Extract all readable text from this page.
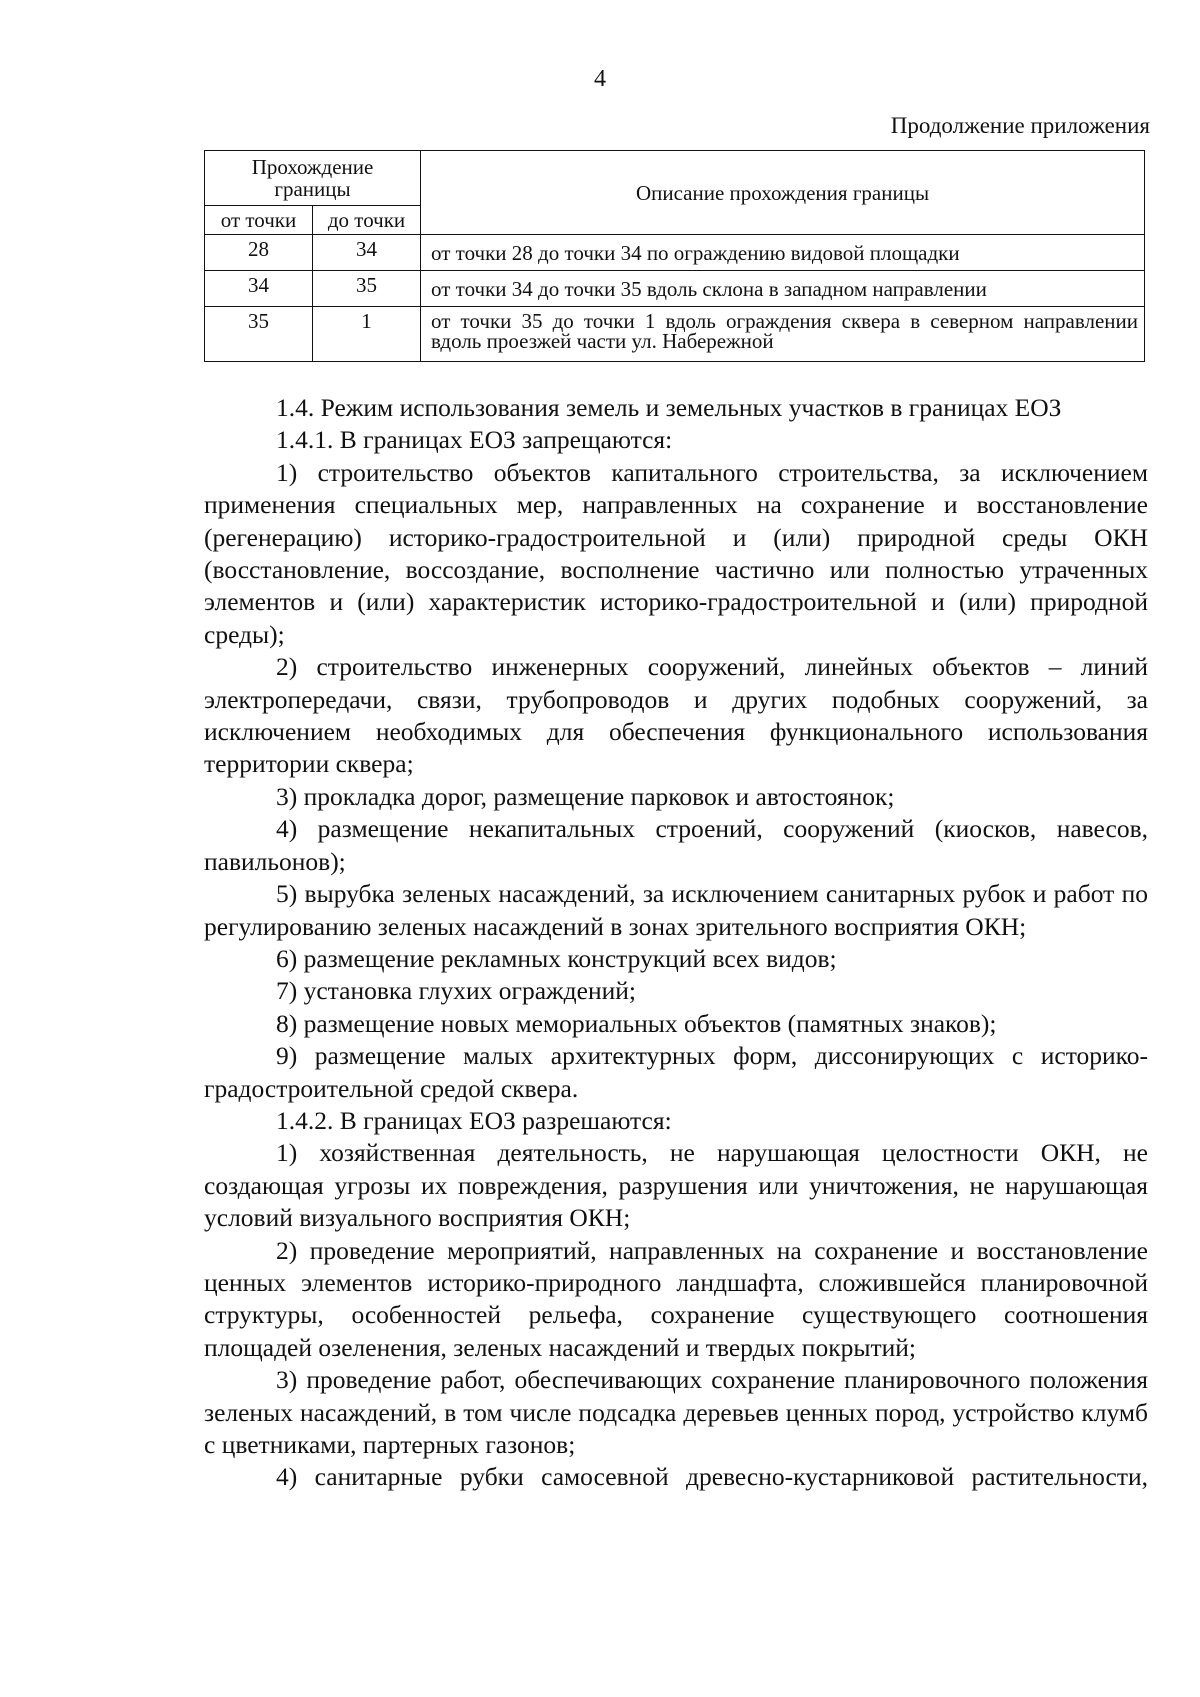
4
Продолжение приложения
Прохождение границы		Описание прохождения границы
от точки	до точки	
28	34	от точки 28 до точки 34 по ограждению видовой площадки
34	35	от точки 34 до точки 35 вдоль склона в западном направлении
35	1	от точки 35 до точки 1 вдоль ограждения сквера в северном направлении вдоль проезжей части ул. Набережной

1.4. Режим использования земель и земельных участков в границах ЕОЗ

1.4.1. В границах ЕОЗ запрещаются:

1) строительство объектов капитального строительства, за исключением применения специальных мер, направленных на сохранение и восстановление (регенерацию) историко-градостроительной и (или) природной среды ОКН (восстановление, воссоздание, восполнение частично или полностью утраченных элементов и (или) характеристик историко-градостроительной и (или) природной среды);

2) строительство инженерных сооружений, линейных объектов – линий электропередачи, связи, трубопроводов и других подобных сооружений, за исключением необходимых для обеспечения функционального использования территории сквера;

3) прокладка дорог, размещение парковок и автостоянок;

4) размещение некапитальных строений, сооружений (киосков, навесов, павильонов);

5) вырубка зеленых насаждений, за исключением санитарных рубок и работ по регулированию зеленых насаждений в зонах зрительного восприятия ОКН;

6) размещение рекламных конструкций всех видов;

7) установка глухих ограждений;

8) размещение новых мемориальных объектов (памятных знаков);

9) размещение малых архитектурных форм, диссонирующих с историко-градостроительной средой сквера.

1.4.2. В границах ЕОЗ разрешаются:

1) хозяйственная деятельность, не нарушающая целостности ОКН, не создающая угрозы их повреждения, разрушения или уничтожения, не нарушающая условий визуального восприятия ОКН;

2) проведение мероприятий, направленных на сохранение и восстановление ценных элементов историко-природного ландшафта, сложившейся планировочной структуры, особенностей рельефа, сохранение существующего соотношения площадей озеленения, зеленых насаждений и твердых покрытий;

3) проведение работ, обеспечивающих сохранение планировочного положения зеленых насаждений, в том числе подсадка деревьев ценных пород, устройство клумб с цветниками, партерных газонов;

4) санитарные рубки самосевной древесно-кустарниковой растительности,
